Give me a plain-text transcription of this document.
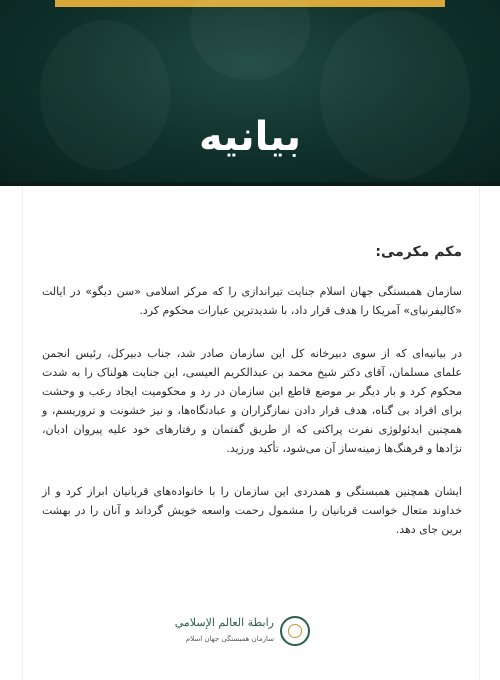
بیانیه

مکم مکرمی:

سازمان همبستگی جهان اسلام جنایت تیراندازی را که مرکز اسلامی «سن دیگو» در ایالت «کالیفرنیای» آمریکا را هدف قرار داد، با شدیدترین عبارات محکوم کرد.

در بیانیه‌ای که از سوی دبیرخانه کل این سازمان صادر شد، جناب دبیرکل، رئیس انجمن علمای مسلمان، آقای دکتر شیخ محمد بن عبدالکریم العیسی، این جنایت هولناک را به شدت محکوم کرد و بار دیگر بر موضع قاطع این سازمان در رد و محکومیت ایجاد رعب و وحشت برای افراد بی گناه، هدف قرار دادن نمازگزاران و عبادتگاه‌ها، و نیز خشونت و تروریسم، و همچنین ایدئولوژی نفرت پراکنی که از طریق گفتمان و رفتارهای خود علیه پیروان ادیان، نژادها و فرهنگ‌ها زمینه‌ساز آن می‌شود، تأکید ورزید.

ایشان همچنین همبستگی و همدردی این سازمان را با خانواده‌های قربانیان ابراز کرد و از خداوند متعال خواست قربانیان را مشمول رحمت واسعه خویش گرداند و آنان را در بهشت برین جای دهد.

رابطة العالم الإسلامي
سازمان همبستگی جهان اسلام
